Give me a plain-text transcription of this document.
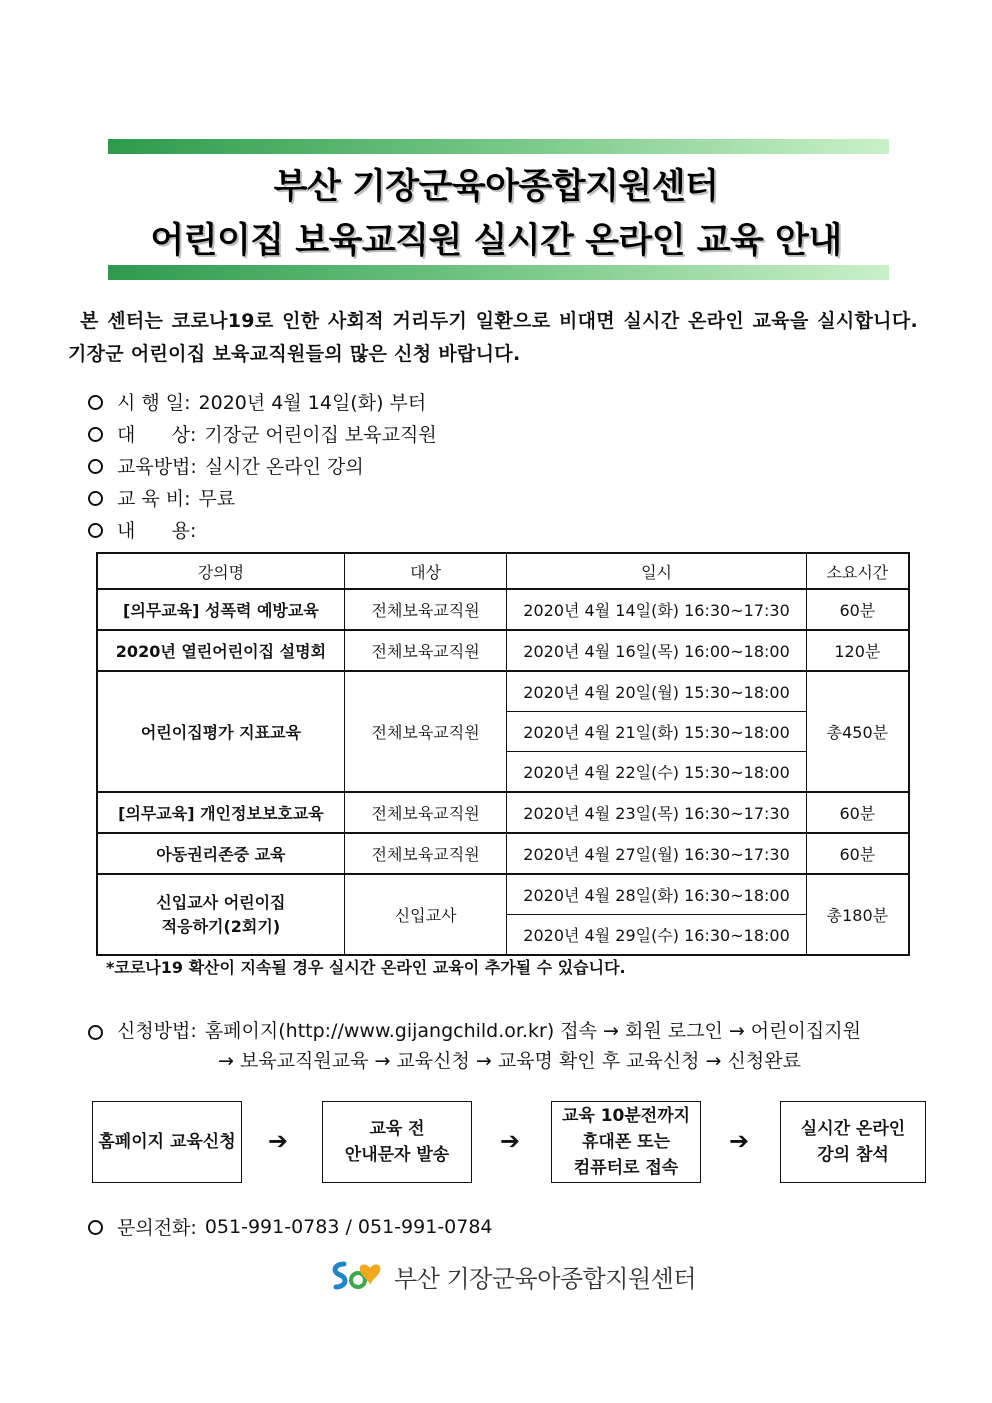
부산 기장군육아종합지원센터
어린이집 보육교직원 실시간 온라인 교육 안내
본 센터는 코로나19로 인한 사회적 거리두기 일환으로 비대면 실시간 온라인 교육을 실시합니다. 기장군 어린이집 보육교직원들의 많은 신청 바랍니다.
시 행 일: 2020년 4월 14일(화) 부터
대      상: 기장군 어린이집 보육교직원
교육방법: 실시간 온라인 강의
교 육 비: 무료
내      용:
강의명	대상	일시	소요시간
[의무교육] 성폭력 예방교육	전체보육교직원	2020년 4월 14일(화) 16:30~17:30	60분
2020년 열린어린이집 설명회	전체보육교직원	2020년 4월 16일(목) 16:00~18:00	120분
어린이집평가 지표교육	전체보육교직원	2020년 4월 20일(월) 15:30~18:00	총450분
		2020년 4월 21일(화) 15:30~18:00	
		2020년 4월 22일(수) 15:30~18:00	
[의무교육] 개인정보보호교육	전체보육교직원	2020년 4월 23일(목) 16:30~17:30	60분
아동권리존중 교육	전체보육교직원	2020년 4월 27일(월) 16:30~17:30	60분

신입교사 어린이집
적응하기(2회기)	신입교사	2020년 4월 28일(화) 16:30~18:00	총180분
		2020년 4월 29일(수) 16:30~18:00	
*코로나19 확산이 지속될 경우 실시간 온라인 교육이 추가될 수 있습니다.
신청방법: 홈페이지(http://www.gijangchild.or.kr) 접속 → 회원 로그인 → 어린이집지원
→ 보육교직원교육 → 교육신청 → 교육명 확인 후 교육신청 → 신청완료
홈페이지 교육신청 ➔	교육 전
안내문자 발송 ➔
교육 10분전까지
휴대폰 또는
컴퓨터로 접속
➔	실시간 온라인
강의 참석
문의전화: 051-991-0783 / 051-991-0784
부산 기장군육아종합지원센터
